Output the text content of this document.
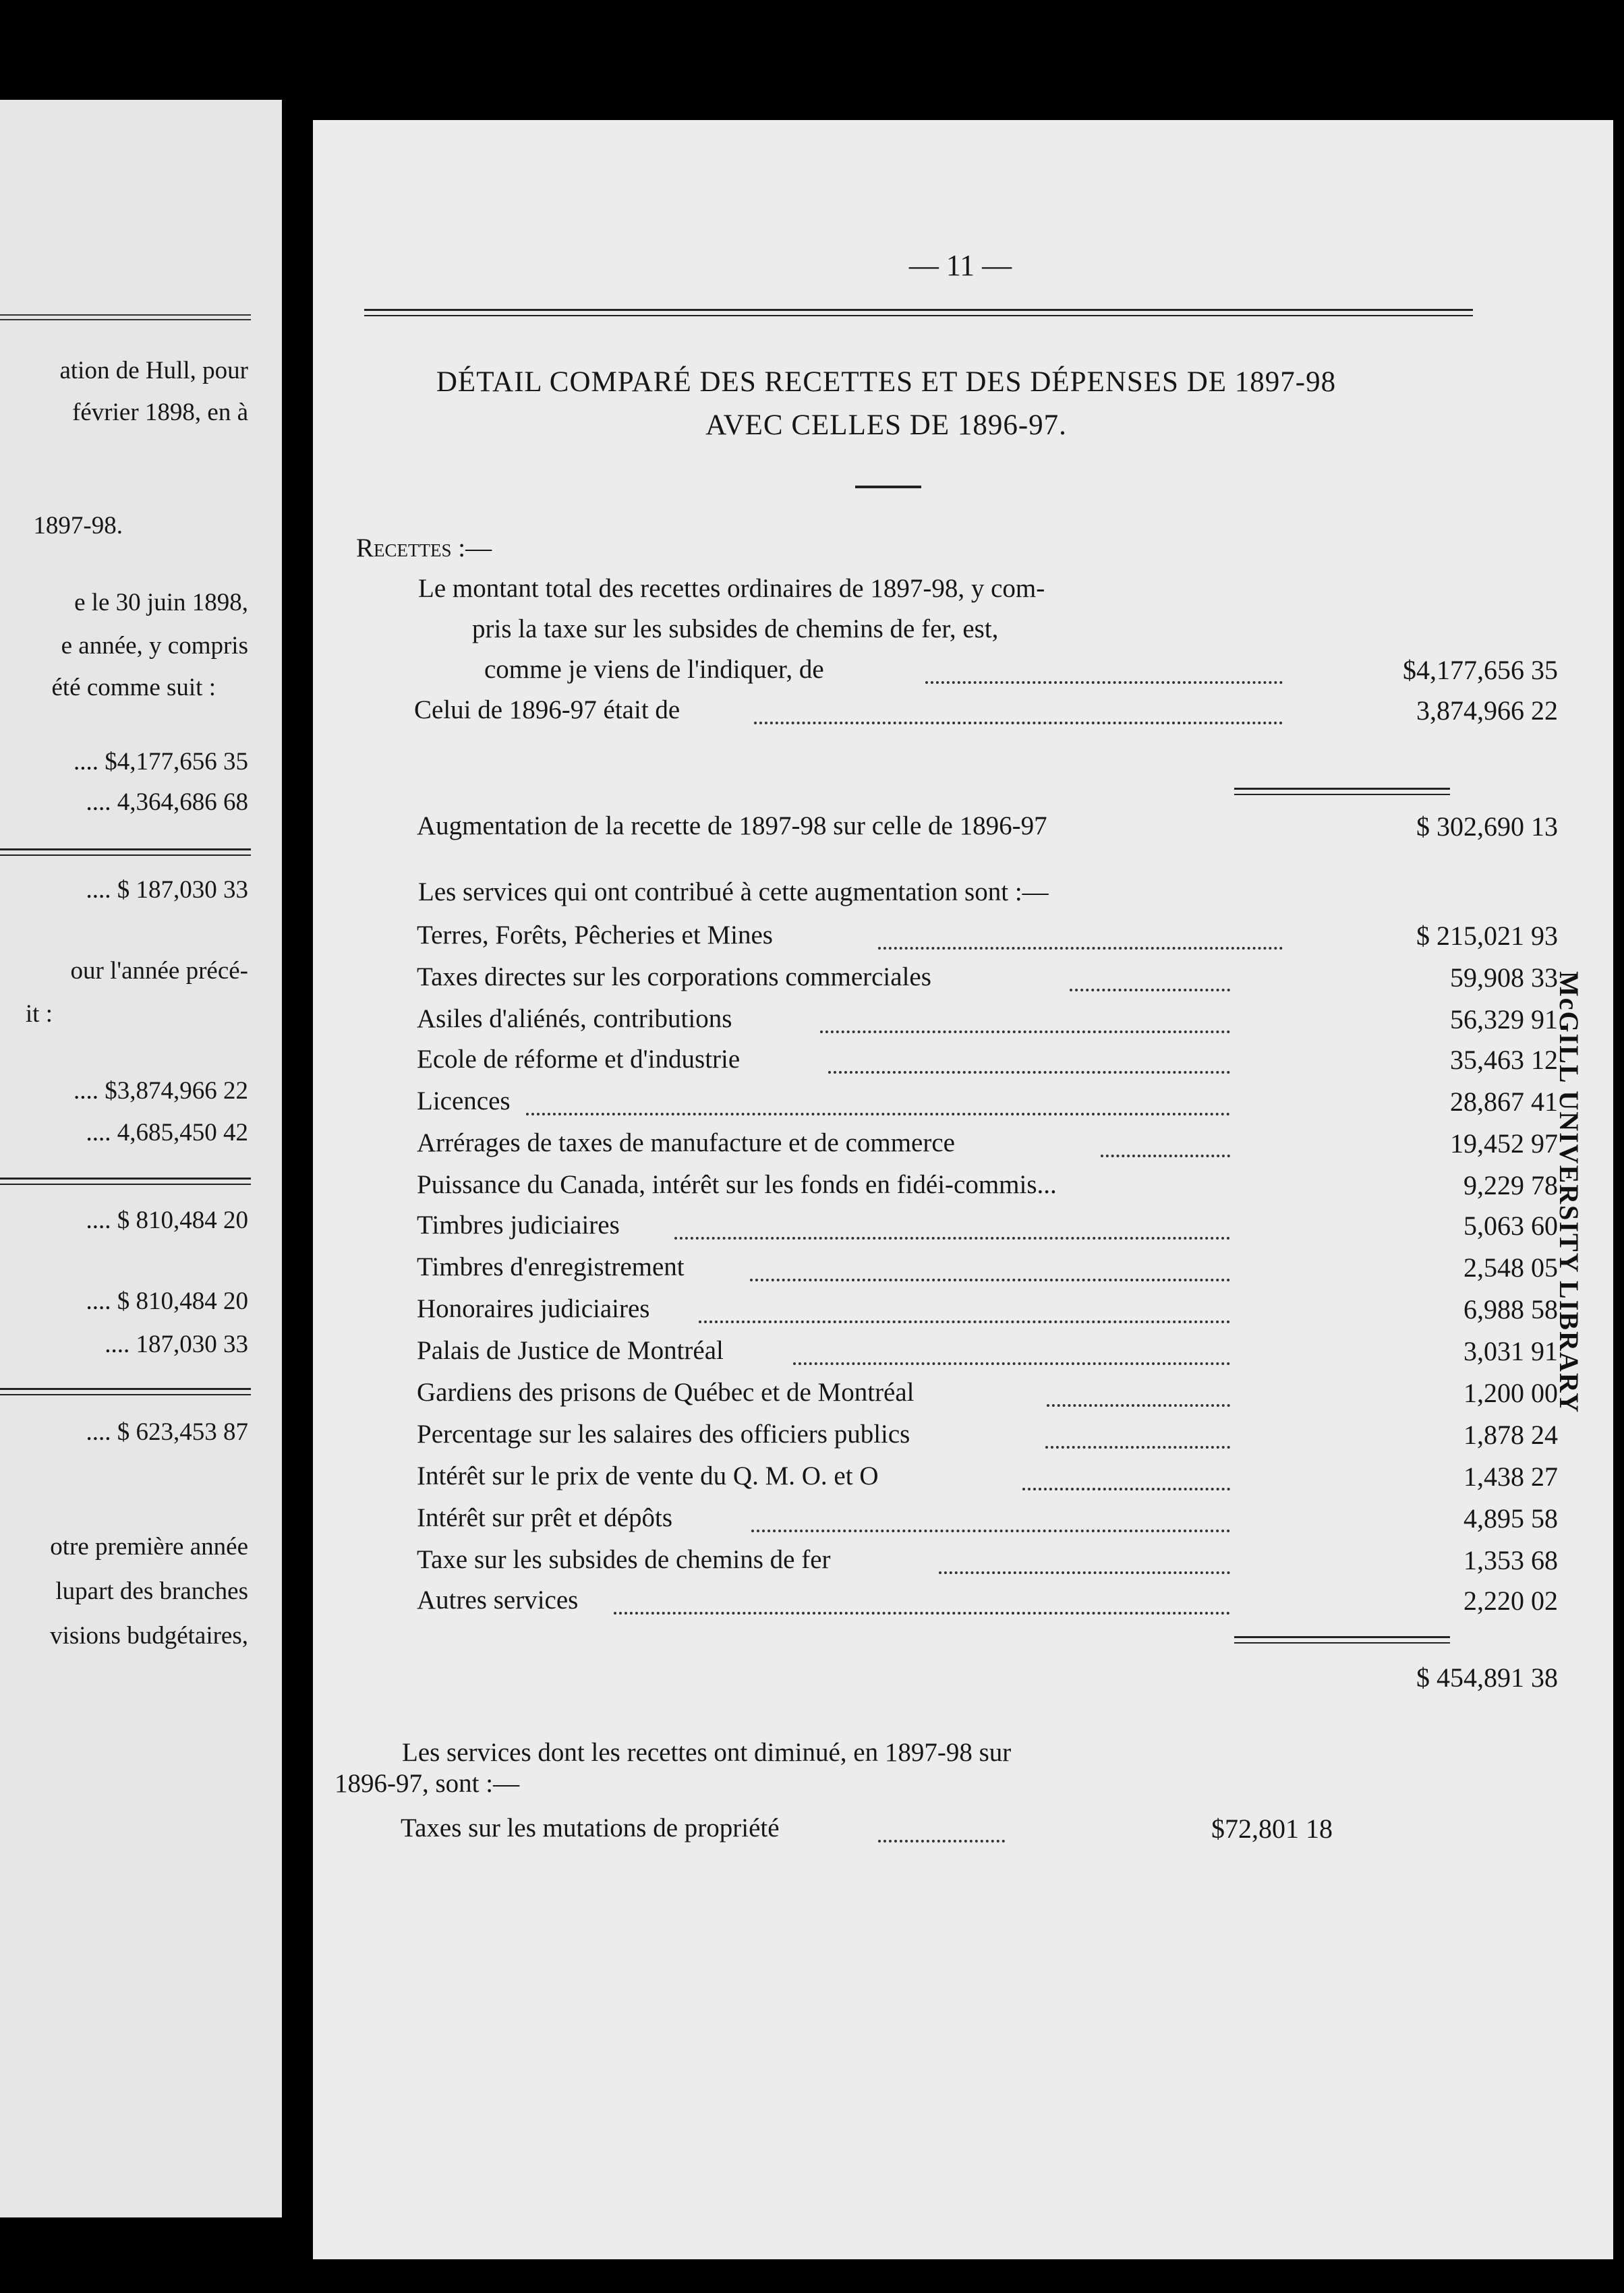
ation de Hull, pour
février 1898, en à
1897-98.
e le 30 juin 1898,
e année, y compris
été comme suit :
.... $4,177,656 35
.... 4,364,686 68
.... $ 187,030 33
our l'année précé-
it :
.... $3,874,966 22
.... 4,685,450 42
.... $ 810,484 20
.... $ 810,484 20
.... 187,030 33
.... $ 623,453 87
otre première année
lupart des branches
visions budgétaires,
— 11 —
DÉTAIL COMPARÉ DES RECETTES ET DES DÉPENSES DE 1897-98
AVEC CELLES DE 1896-97.
Recettes :—
Le montant total des recettes ordinaires de 1897-98, y com-
pris la taxe sur les subsides de chemins de fer, est,
comme je viens de l'indiquer, de	$4,177,656 35
Celui de 1896-97 était de	3,874,966 22
Augmentation de la recette de 1897-98 sur celle de 1896-97	$ 302,690 13
Les services qui ont contribué à cette augmentation sont :—
Terres, Forêts, Pêcheries et Mines	$ 215,021 93
Taxes directes sur les corporations commerciales	59,908 33
Asiles d'aliénés, contributions	56,329 91
Ecole de réforme et d'industrie	35,463 12
Licences	28,867 41
Arrérages de taxes de manufacture et de commerce	19,452 97
Puissance du Canada, intérêt sur les fonds en fidéi-commis...	9,229 78
Timbres judiciaires	5,063 60
Timbres d'enregistrement	2,548 05
Honoraires judiciaires	6,988 58
Palais de Justice de Montréal	3,031 91
Gardiens des prisons de Québec et de Montréal	1,200 00
Percentage sur les salaires des officiers publics	1,878 24
Intérêt sur le prix de vente du Q. M. O. et O	1,438 27
Intérêt sur prêt et dépôts	4,895 58
Taxe sur les subsides de chemins de fer	1,353 68
Autres services	2,220 02
$ 454,891 38
Les services dont les recettes ont diminué, en 1897-98 sur
1896-97, sont :—
Taxes sur les mutations de propriété	$72,801 18
McGILL UNIVERSITY LIBRARY
